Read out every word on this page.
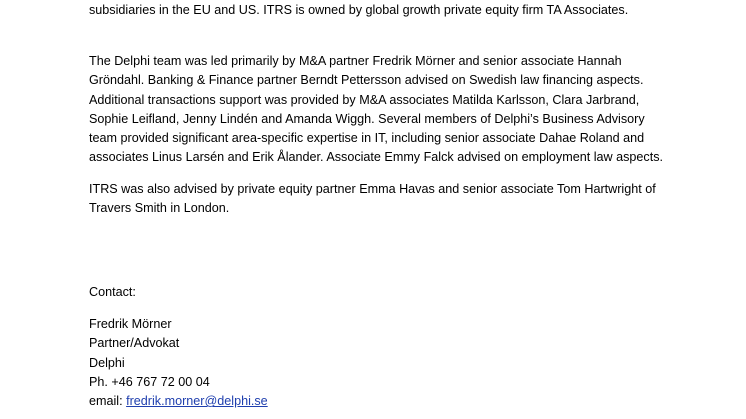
subsidiaries in the EU and US. ITRS is owned by global growth private equity firm TA Associates.

The Delphi team was led primarily by M&A partner Fredrik Mörner and senior associate Hannah
Gröndahl. Banking & Finance partner Berndt Pettersson advised on Swedish law financing aspects.
Additional transactions support was provided by M&A associates Matilda Karlsson, Clara Jarbrand,
Sophie Leifland, Jenny Lindén and Amanda Wiggh. Several members of Delphi’s Business Advisory
team provided significant area-specific expertise in IT, including senior associate Dahae Roland and
associates Linus Larsén and Erik Ålander. Associate Emmy Falck advised on employment law aspects.

ITRS was also advised by private equity partner Emma Havas and senior associate Tom Hartwright of
Travers Smith in London.

Contact:

Fredrik Mörner
Partner/Advokat
Delphi
Ph. +46 767 72 00 04
email: fredrik.morner@delphi.se
